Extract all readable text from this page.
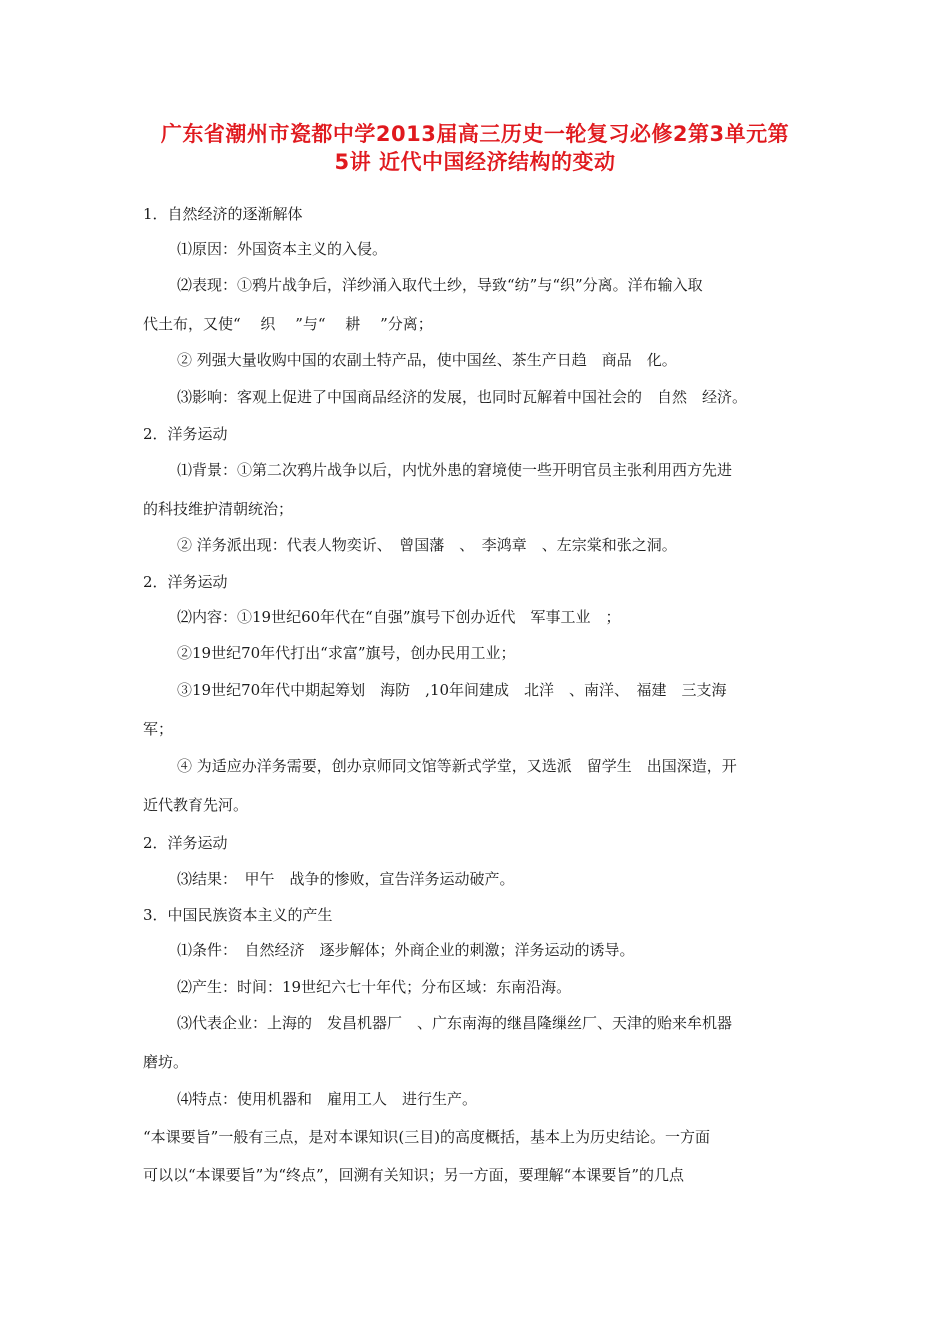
广东省潮州市瓷都中学2013届高三历史一轮复习必修2第3单元第
5讲 近代中国经济结构的变动
1．自然经济的逐渐解体
⑴原因：外国资本主义的入侵。
⑵表现：①鸦片战争后，洋纱涌入取代土纱，导致“纺”与“织”分离。洋布输入取
代土布，又使“　 织　 ”与“　 耕　 ”分离；
② 列强大量收购中国的农副土特产品，使中国丝、茶生产日趋　商品　化。
⑶影响：客观上促进了中国商品经济的发展，也同时瓦解着中国社会的　自然　经济。
2．洋务运动
⑴背景：①第二次鸦片战争以后，内忧外患的窘境使一些开明官员主张利用西方先进
的科技维护清朝统治；
② 洋务派出现：代表人物奕䜣、　曾国藩　、　李鸿章　、左宗棠和张之洞。
2．洋务运动
⑵内容：①19世纪60年代在“自强”旗号下创办近代　军事工业　；
②19世纪70年代打出“求富”旗号，创办民用工业；
③19世纪70年代中期起筹划　海防　,10年间建成　北洋　、南洋、　福建　三支海
军；
④ 为适应办洋务需要，创办京师同文馆等新式学堂，又选派　留学生　出国深造，开
近代教育先河。
2．洋务运动
⑶结果：　甲午　战争的惨败，宣告洋务运动破产。
3．中国民族资本主义的产生
⑴条件：　自然经济　逐步解体；外商企业的刺激；洋务运动的诱导。
⑵产生：时间：19世纪六七十年代；分布区域：东南沿海。
⑶代表企业：上海的　发昌机器厂　、广东南海的继昌隆缫丝厂、天津的贻来牟机器
磨坊。
⑷特点：使用机器和　雇用工人　进行生产。
“本课要旨”一般有三点，是对本课知识(三目)的高度概括，基本上为历史结论。一方面
可以以“本课要旨”为“终点”，回溯有关知识；另一方面，要理解“本课要旨”的几点
